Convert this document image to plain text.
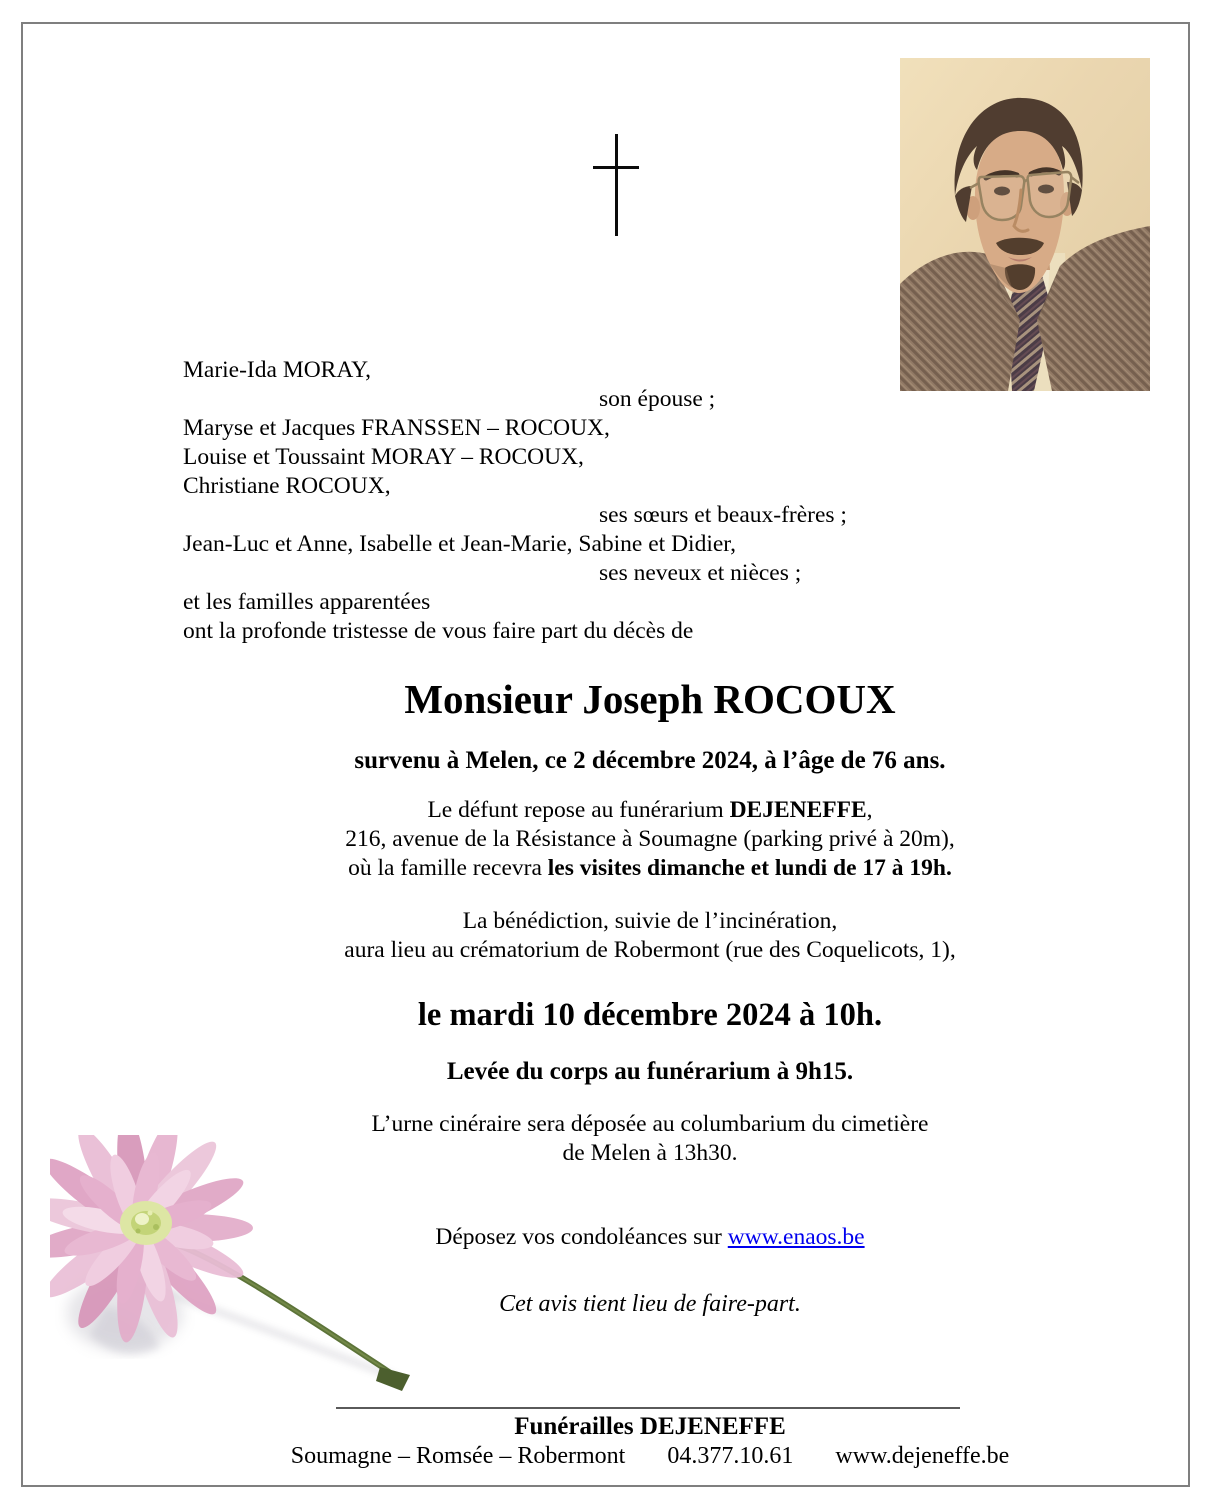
Marie-Ida MORAY,
son épouse ;
Maryse et Jacques FRANSSEN – ROCOUX,
Louise et Toussaint MORAY – ROCOUX,
Christiane ROCOUX,
ses sœurs et beaux-frères ;
Jean-Luc et Anne, Isabelle et Jean-Marie, Sabine et Didier,
ses neveux et nièces ;
et les familles apparentées
ont la profonde tristesse de vous faire part du décès de
Monsieur Joseph ROCOUX
survenu à Melen, ce 2 décembre 2024, à l’âge de 76 ans.
Le défunt repose au funérarium DEJENEFFE,
216, avenue de la Résistance à Soumagne (parking privé à 20m),
où la famille recevra les visites dimanche et lundi de 17 à 19h.
La bénédiction, suivie de l’incinération,
aura lieu au crématorium de Robermont (rue des Coquelicots, 1),
le mardi 10 décembre 2024 à 10h.
Levée du corps au funérarium à 9h15.
L’urne cinéraire sera déposée au columbarium du cimetière
de Melen à 13h30.
Déposez vos condoléances sur www.enaos.be
Cet avis tient lieu de faire-part.
Funérailles DEJENEFFE
Soumagne – Romsée – Robermont 04.377.10.61 www.dejeneffe.be
